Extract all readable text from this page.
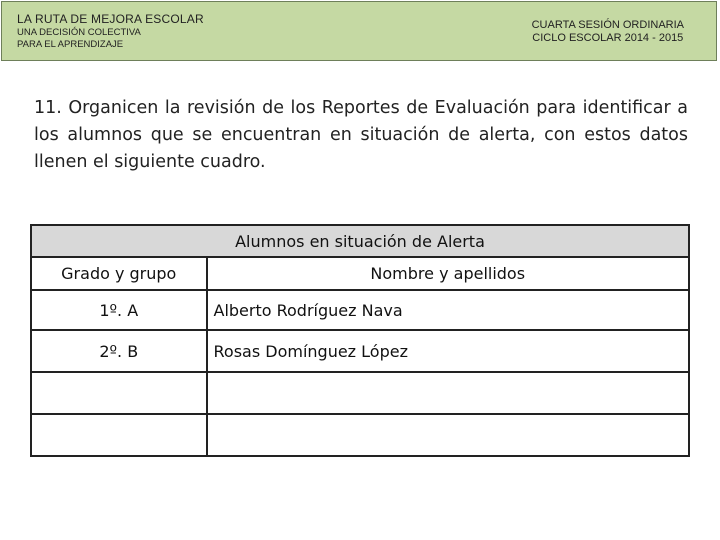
LA RUTA DE MEJORA ESCOLAR
UNA DECISIÓN COLECTIVA
PARA EL APRENDIZAJE
CUARTA SESIÓN ORDINARIA
CICLO ESCOLAR 2014 - 2015
11. Organicen la revisión de los Reportes de Evaluación para identificar a los alumnos que se encuentran en situación de alerta, con estos datos llenen el siguiente cuadro.
Alumnos en situación de Alerta	
Grado y grupo	Nombre y apellidos
1º. A	Alberto Rodríguez Nava
2º. B	Rosas Domínguez López
